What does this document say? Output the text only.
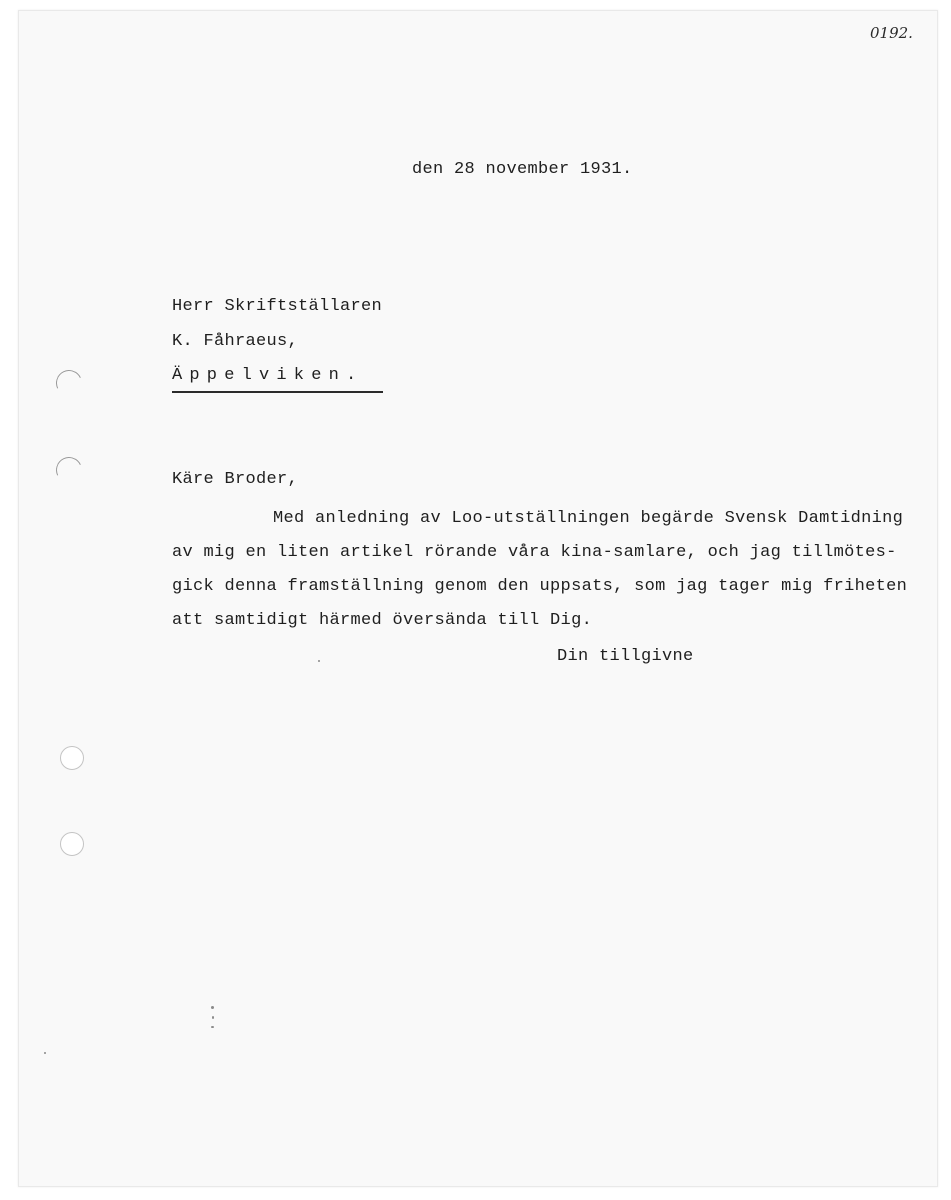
0192.
den 28 november 1931.
Herr Skriftställaren
K. Fåhraeus,
Äppelviken.
Käre Broder,
Med anledning av Loo-utställningen begärde Svensk Damtidning
av mig en liten artikel rörande våra kina-samlare, och jag tillmötes-
gick denna framställning genom den uppsats, som jag tager mig friheten
att samtidigt härmed översända till Dig.
Din tillgivne
